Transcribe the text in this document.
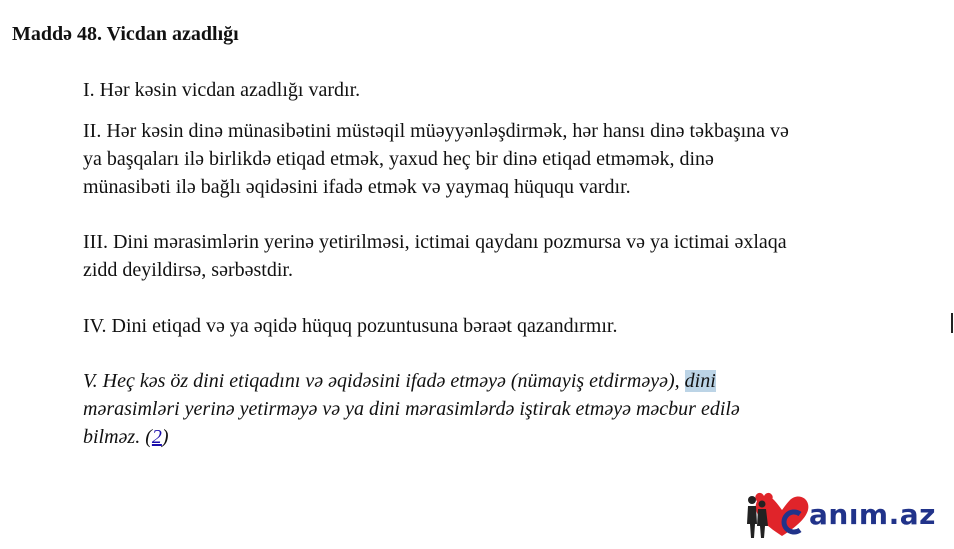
Maddə 48. Vicdan azadlığı

I. Hər kəsin vicdan azadlığı vardır.

II. Hər kəsin dinə münasibətini müstəqil müəyyənləşdirmək, hər hansı dinə təkbaşına və
ya başqaları ilə birlikdə etiqad etmək, yaxud heç bir dinə etiqad etməmək, dinə
münasibəti ilə bağlı əqidəsini ifadə etmək və yaymaq hüququ vardır.

III. Dini mərasimlərin yerinə yetirilməsi, ictimai qaydanı pozmursa və ya ictimai əxlaqa
zidd deyildirsə, sərbəstdir.

IV. Dini etiqad və ya əqidə hüquq pozuntusuna bəraət qazandırmır.

V. Heç kəs öz dini etiqadını və əqidəsini ifadə etməyə (nümayiş etdirməyə), dini
mərasimləri yerinə yetirməyə və ya dini mərasimlərdə iştirak etməyə məcbur edilə
bilməz. (2)

anım.az
